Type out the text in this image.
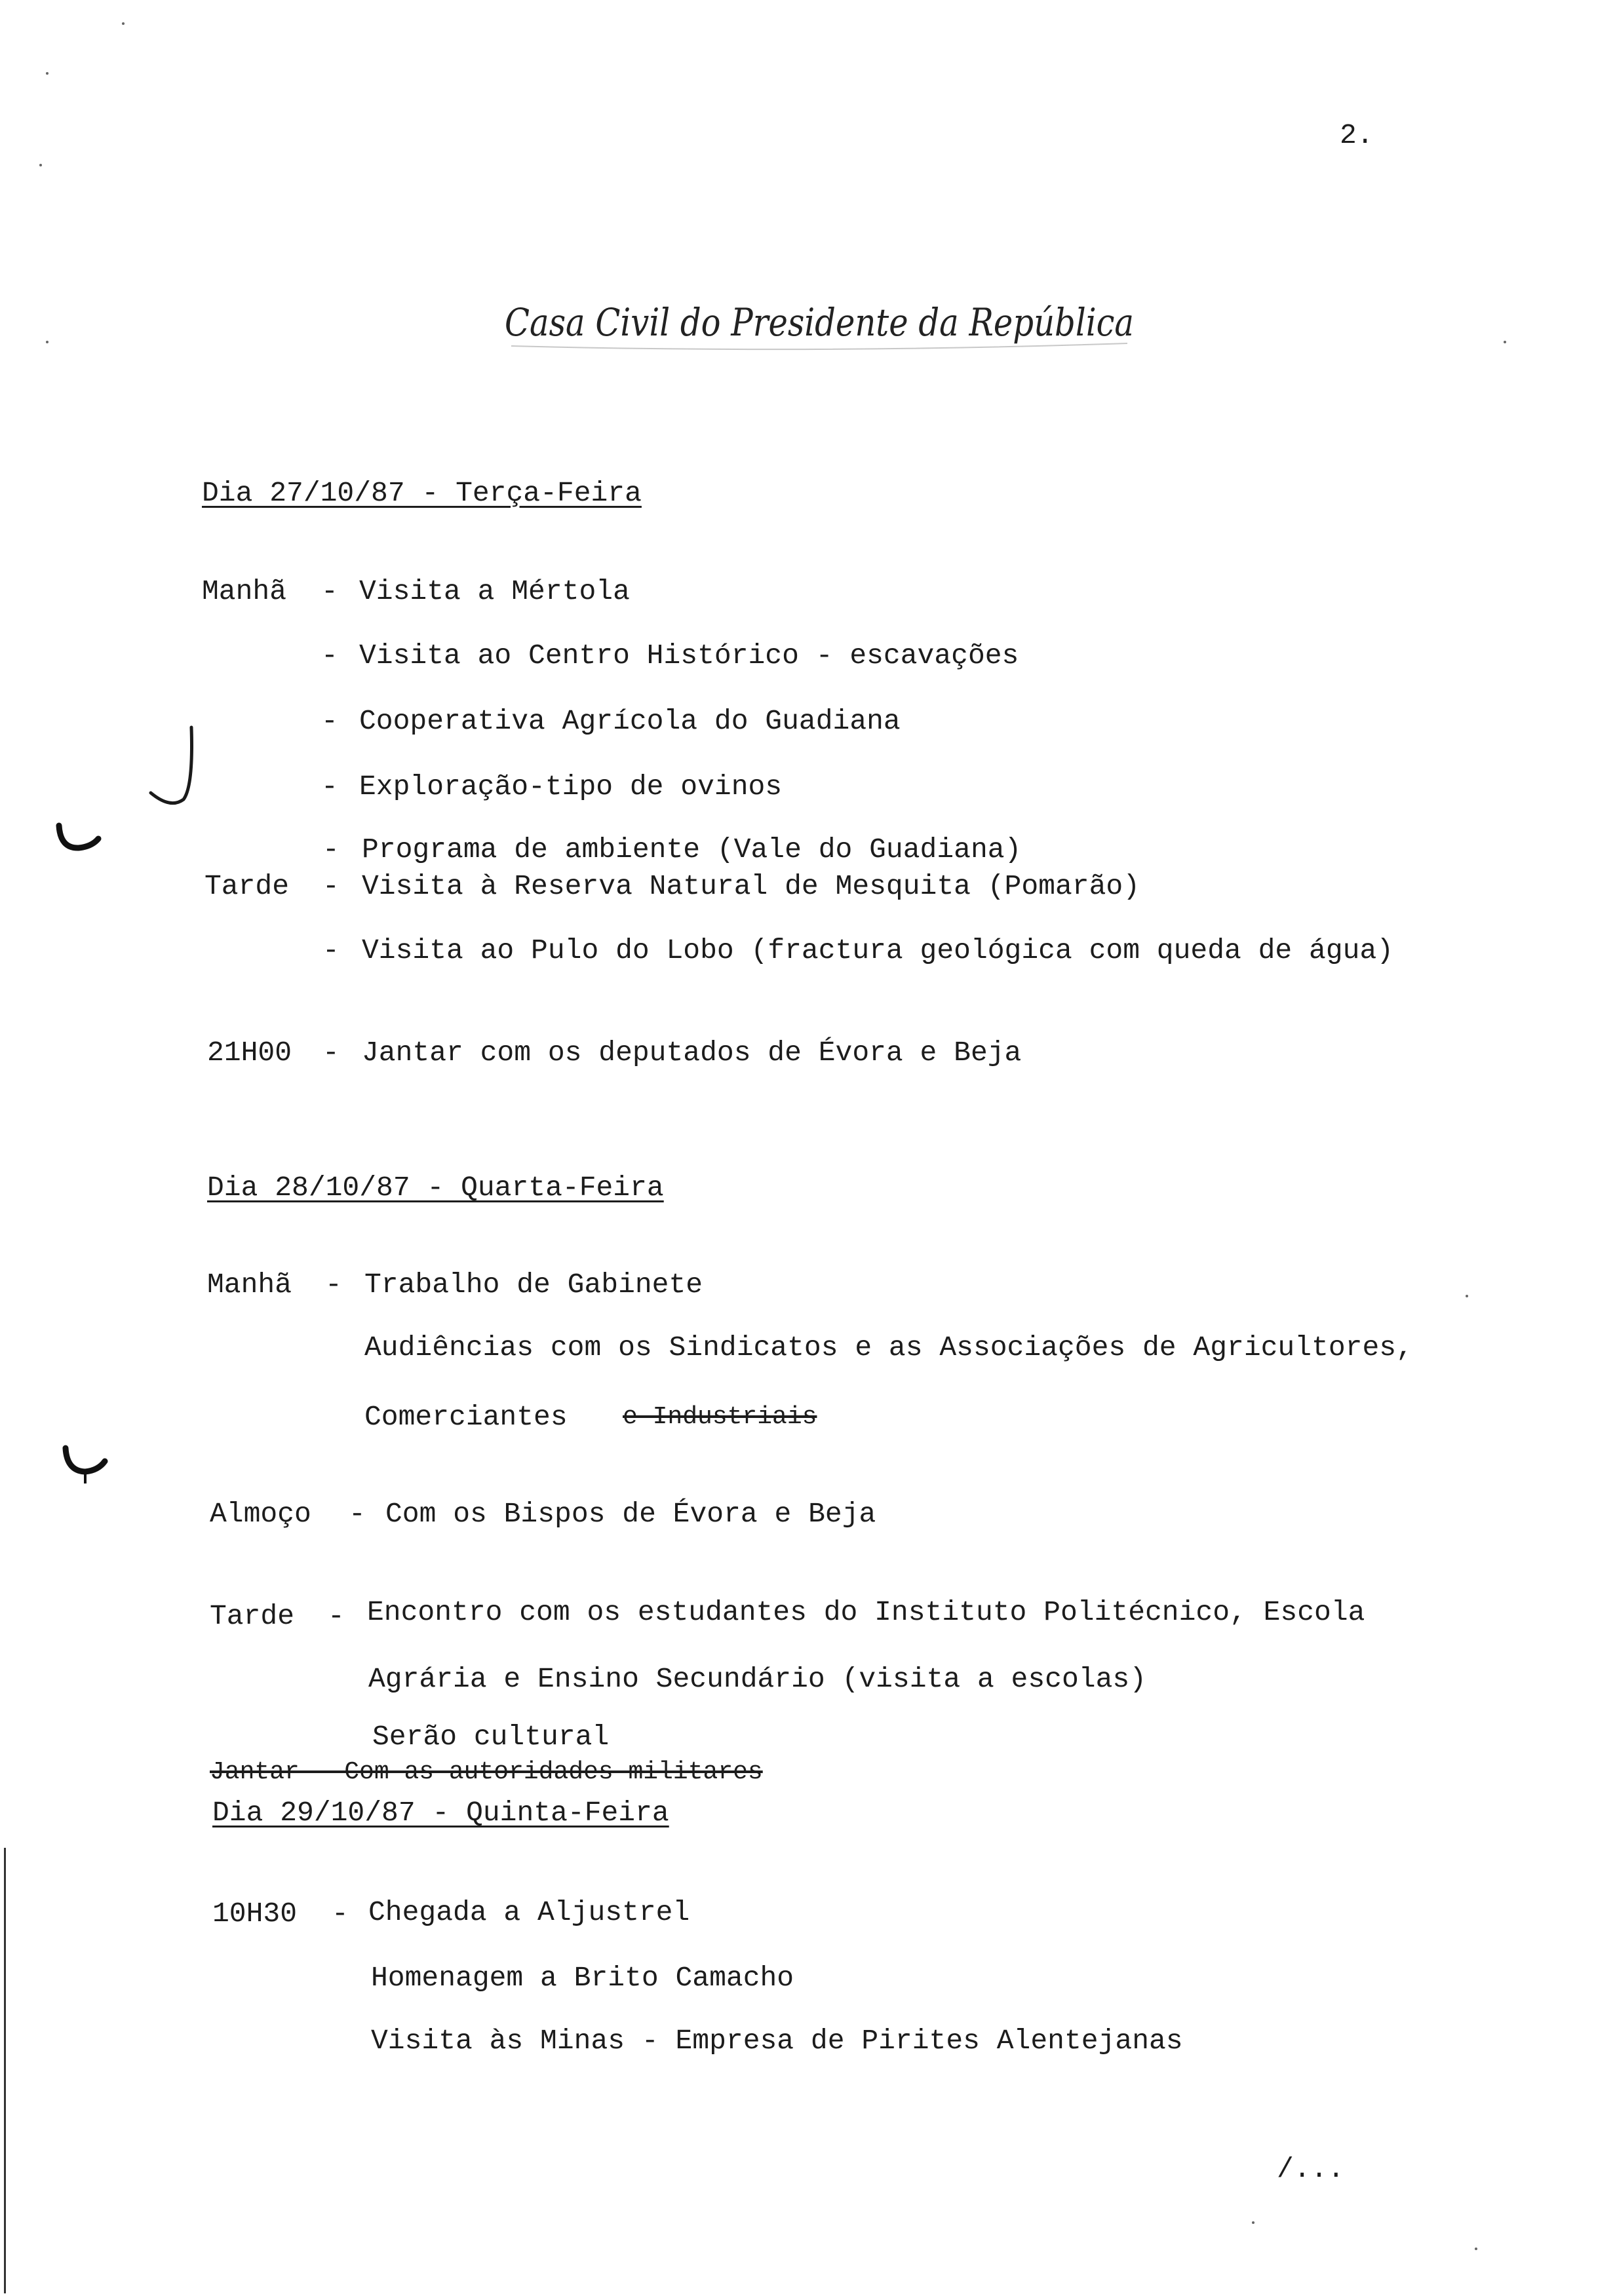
2.
Casa Civil do Presidente da República
Dia 27/10/87 - Terça-Feira
Manhã - Visita a Mértola
- Visita ao Centro Histórico - escavações
- Cooperativa Agrícola do Guadiana
- Exploração-tipo de ovinos
- Programa de ambiente (Vale do Guadiana)
Tarde - Visita à Reserva Natural de Mesquita (Pomarão)
- Visita ao Pulo do Lobo (fractura geológica com queda de água)
21H00 - Jantar com os deputados de Évora e Beja
Dia 28/10/87 - Quarta-Feira
Manhã - Trabalho de Gabinete
Audiências com os Sindicatos e as Associações de Agricultores,
Comerciantes e Industriais
Almoço - Com os Bispos de Évora e Beja
Tarde - Encontro com os estudantes do Instituto Politécnico, Escola
Agrária e Ensino Secundário (visita a escolas)
Serão cultural
Jantar - Com as autoridades militares
Dia 29/10/87 - Quinta-Feira
10H30 - Chegada a Aljustrel
Homenagem a Brito Camacho
Visita às Minas - Empresa de Pirites Alentejanas
/...
